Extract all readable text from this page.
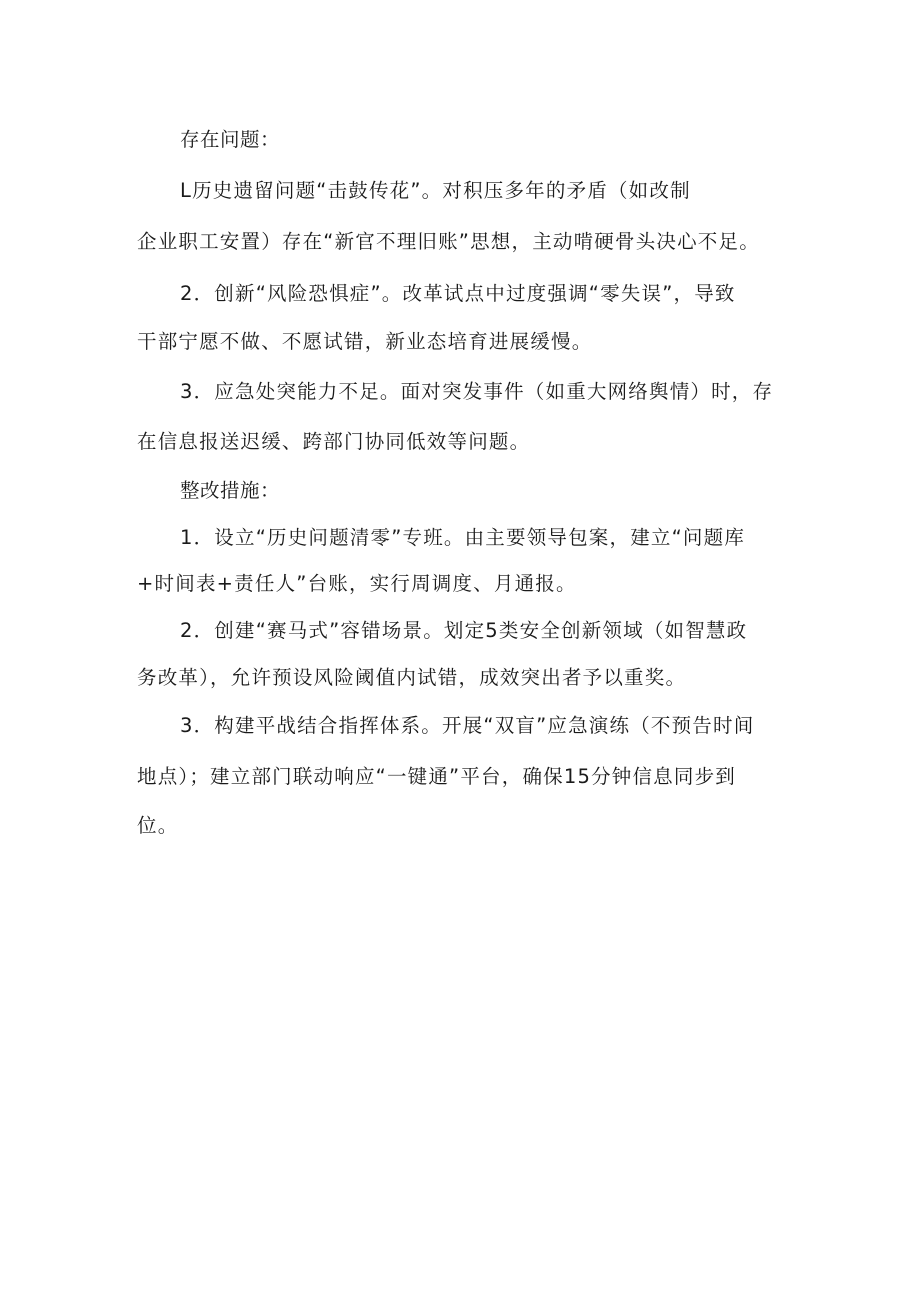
存在问题：
L历史遗留问题“击鼓传花”。对积压多年的矛盾（如改制
企业职工安置）存在“新官不理旧账”思想，主动啃硬骨头决心不足。
2．创新“风险恐惧症”。改革试点中过度强调“零失误”，导致
干部宁愿不做、不愿试错，新业态培育进展缓慢。
3．应急处突能力不足。面对突发事件（如重大网络舆情）时，存
在信息报送迟缓、跨部门协同低效等问题。
整改措施：
1．设立“历史问题清零”专班。由主要领导包案，建立“问题库
+时间表+责任人”台账，实行周调度、月通报。
2．创建“赛马式”容错场景。划定5类安全创新领域（如智慧政
务改革），允许预设风险阈值内试错，成效突出者予以重奖。
3．构建平战结合指挥体系。开展“双盲”应急演练（不预告时间
地点）；建立部门联动响应“一键通”平台，确保15分钟信息同步到
位。
